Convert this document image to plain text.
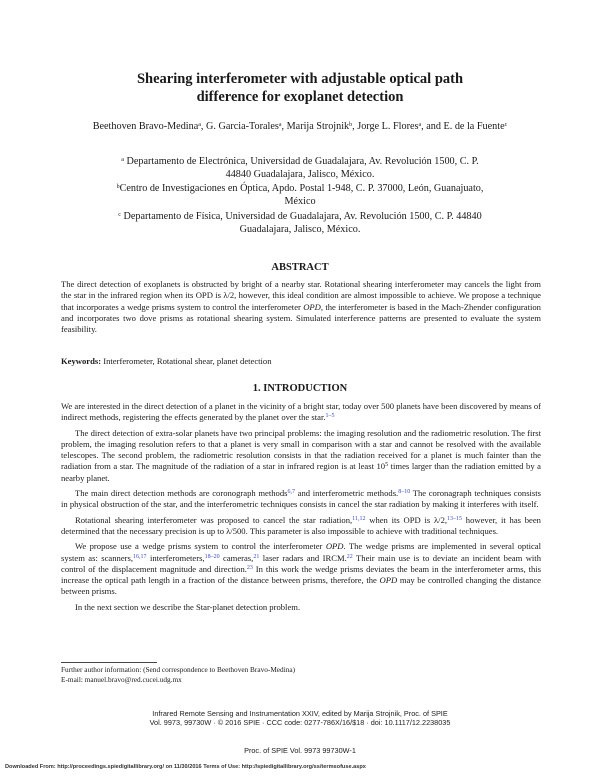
Shearing interferometer with adjustable optical path
difference for exoplanet detection
Beethoven Bravo-Medina$^a$, G. Garcia-Torales$^a$, Marija Strojnik$^b$, Jorge L. Flores$^a$, and E. de la Fuente$^c$
$^a$ Departamento de Electrónica, Universidad de Guadalajara, Av. Revolución 1500, C. P.
44840 Guadalajara, Jalisco, México.
$^b$Centro de Investigaciones en Óptica, Apdo. Postal 1-948, C. P. 37000, León, Guanajuato,
México
$^c$ Departamento de Física, Universidad de Guadalajara, Av. Revolución 1500, C. P. 44840
Guadalajara, Jalisco, México.
ABSTRACT
The direct detection of exoplanets is obstructed by bright of a nearby star. Rotational shearing interferometer may cancels the light from the star in the infrared region when its OPD is λ/2, however, this ideal condition are almost impossible to achieve. We propose a technique that incorporates a wedge prisms system to control the interferometer OPD, the interferometer is based in the Mach-Zhender configuration and incorporates two dove prisms as rotational shearing system. Simulated interference patterns are presented to evaluate the system feasibility.
Keywords: Interferometer, Rotational shear, planet detection
1. INTRODUCTION

We are interested in the direct detection of a planet in the vicinity of a bright star, today over 500 planets have been discovered by means of indirect methods, registering the effects generated by the planet over the star.$^{1-5}$

The direct detection of extra-solar planets have two principal problems: the imaging resolution and the radiometric resolution. The first problem, the imaging resolution refers to that a planet is very small in comparison with a star and cannot be resolved with the available telescopes. The second problem, the radiometric resolution consists in that the radiation received for a planet is much fainter than the radiation from a star. The magnitude of the radiation of a star in infrared region is at least $10^5$ times larger than the radiation emitted by a nearby planet.

The main direct detection methods are coronograph methods$^{6,7}$ and interferometric methods.$^{8-10}$ The coronagraph techniques consists in physical obstruction of the star, and the interferometric techniques consists in cancel the star radiation by making it interferes with itself.

Rotational shearing interferometer was proposed to cancel the star radiation,$^{11,12}$ when its OPD is λ/2,$^{13-15}$ however, it has been determined that the necessary precision is up to λ/500. This parameter is also impossible to achieve with traditional techniques.

We propose use a wedge prisms system to control the interferometer OPD. The wedge prisms are implemented in several optical system as: scanners,$^{16,17}$ interferometers,$^{18-20}$ cameras,$^{21}$ laser radars and IRCM.$^{22}$ Their main use is to deviate an incident beam with control of the displacement magnitude and direction.$^{23}$ In this work the wedge prisms deviates the beam in the interferometer arms, this increase the optical path length in a fraction of the distance between prisms, therefore, the OPD may be controlled changing the distance between prisms.

In the next section we describe the Star-planet detection problem.

Further author information: (Send correspondence to Beethoven Bravo-Medina)
E-mail: manuel.bravo@red.cucei.udg.mx
Infrared Remote Sensing and Instrumentation XXIV, edited by Marija Strojnik, Proc. of SPIE
Vol. 9973, 99730W · © 2016 SPIE · CCC code: 0277-786X/16/$18 · doi: 10.1117/12.2238035
Proc. of SPIE Vol. 9973 99730W-1
Downloaded From: http://proceedings.spiedigitallibrary.org/ on 11/30/2016 Terms of Use: http://spiedigitallibrary.org/ss/termsofuse.aspx
